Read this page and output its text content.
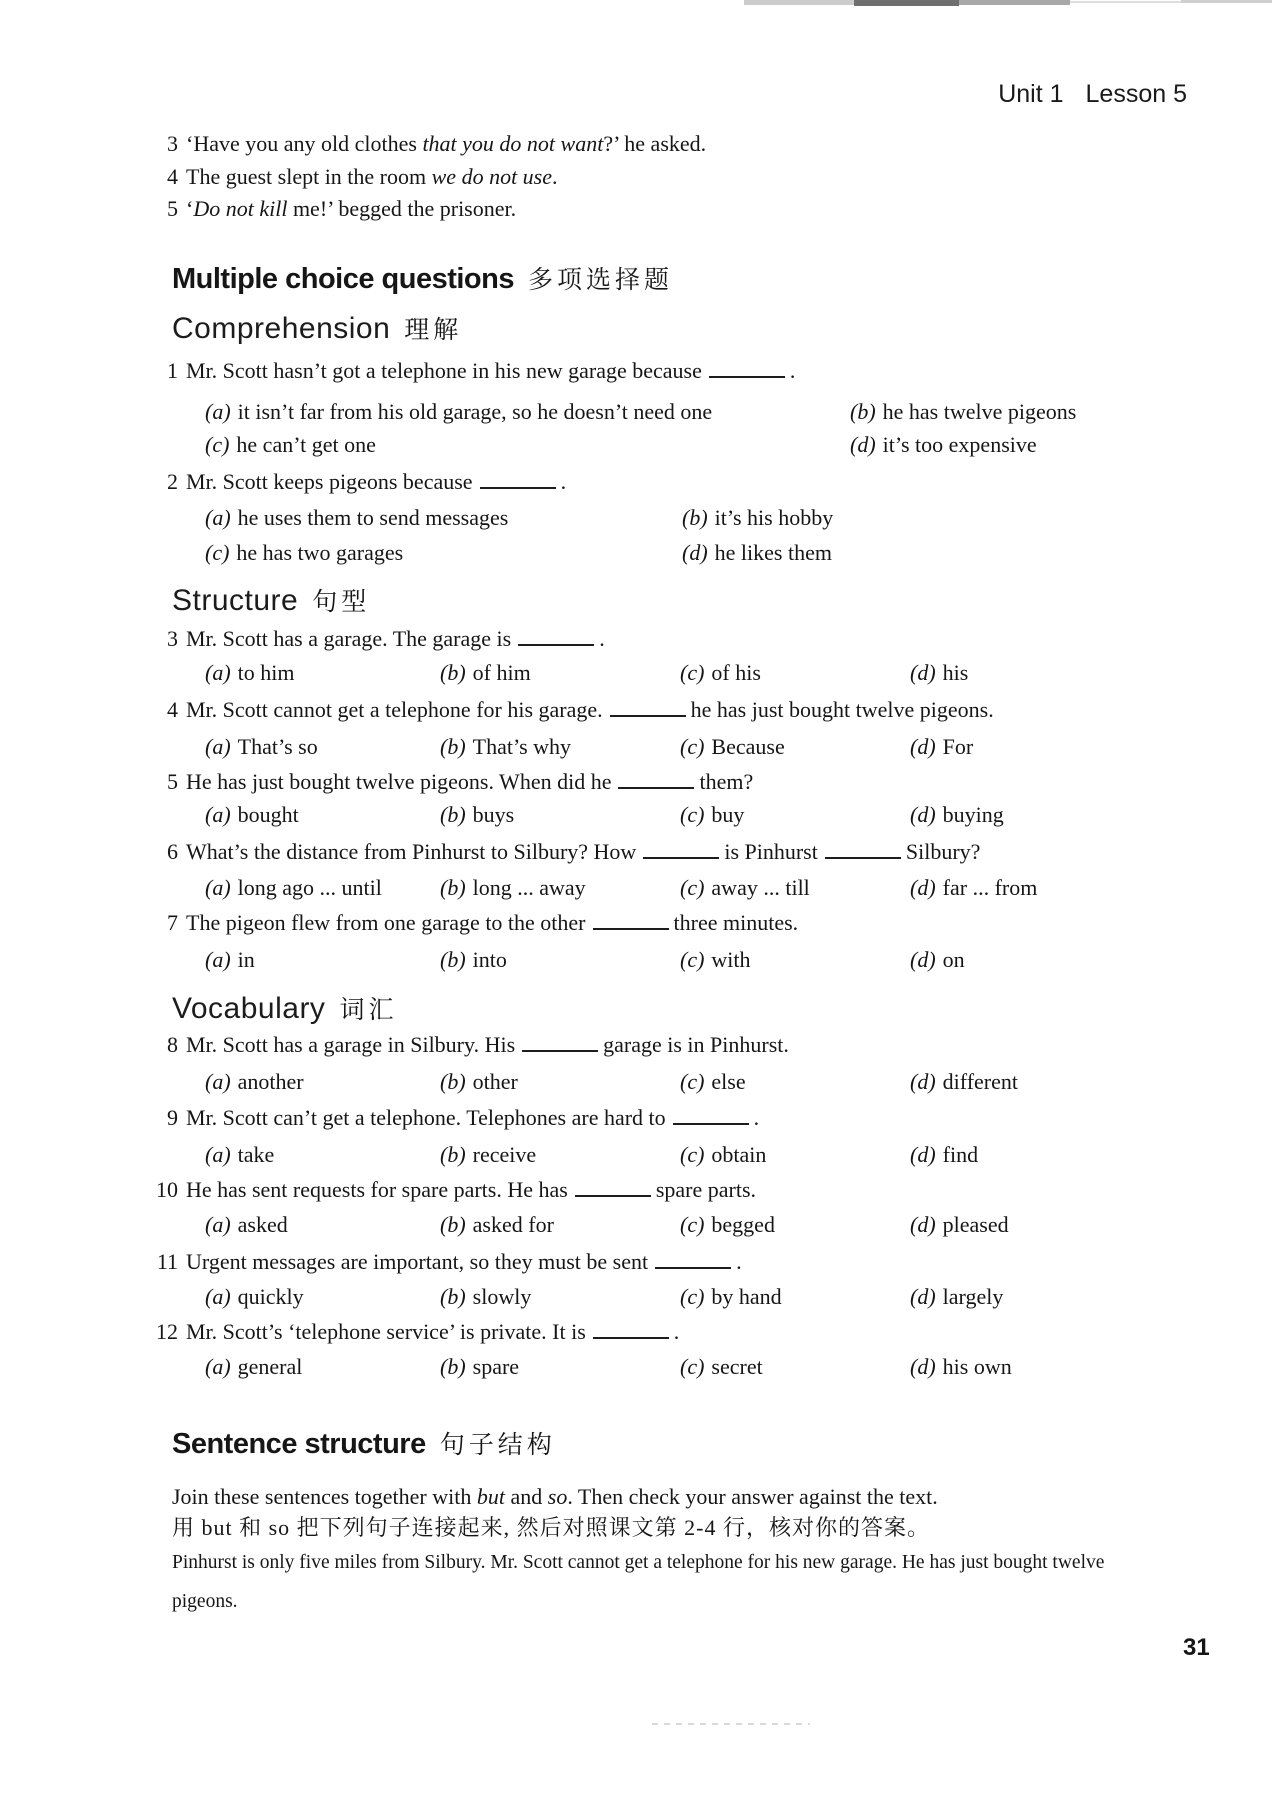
Unit 1 Lesson 5
3 ‘Have you any old clothes that you do not want?’ he asked.
4 The guest slept in the room we do not use.
5 ‘Do not kill me!’ begged the prisoner.
Multiple choice questions 多项选择题
Comprehension 理解
1 Mr. Scott hasn’t got a telephone in his new garage because	.
(a) it isn’t far from his old garage, so he doesn’t need one	(b) he has twelve pigeons
(c) he can’t get one	(d) it’s too expensive
2 Mr. Scott keeps pigeons because	.
(a) he uses them to send messages	(b) it’s his hobby
(c) he has two garages	(d) he likes them
Structure 句型
3 Mr. Scott has a garage. The garage is	.
(a) to him	(b) of him	(c) of his	(d) his
4 Mr. Scott cannot get a telephone for his garage.	he has just bought twelve pigeons.
(a) That’s so	(b) That’s why	(c) Because	(d) For
5 He has just bought twelve pigeons. When did he	them?
(a) bought	(b) buys	(c) buy	(d) buying
6 What’s the distance from Pinhurst to Silbury? How	is Pinhurst	Silbury?
(a) long ago ... until	(b) long ... away	(c) away ... till	(d) far ... from
7 The pigeon flew from one garage to the other	three minutes.
(a) in	(b) into	(c) with	(d) on
Vocabulary 词汇
8 Mr. Scott has a garage in Silbury. His	garage is in Pinhurst.
(a) another	(b) other	(c) else	(d) different
9 Mr. Scott can’t get a telephone. Telephones are hard to	.
(a) take	(b) receive	(c) obtain	(d) find
10 He has sent requests for spare parts. He has	spare parts.
(a) asked	(b) asked for	(c) begged	(d) pleased
11 Urgent messages are important, so they must be sent	.
(a) quickly	(b) slowly	(c) by hand	(d) largely
12 Mr. Scott’s ‘telephone service’ is private. It is	.
(a) general	(b) spare	(c) secret	(d) his own
Sentence structure 句子结构
Join these sentences together with but and so. Then check your answer against the text.
用 but 和 so 把下列句子连接起来, 然后对照课文第 2-4 行，核对你的答案。
Pinhurst is only five miles from Silbury. Mr. Scott cannot get a telephone for his new garage. He has just bought twelve
pigeons.
31
